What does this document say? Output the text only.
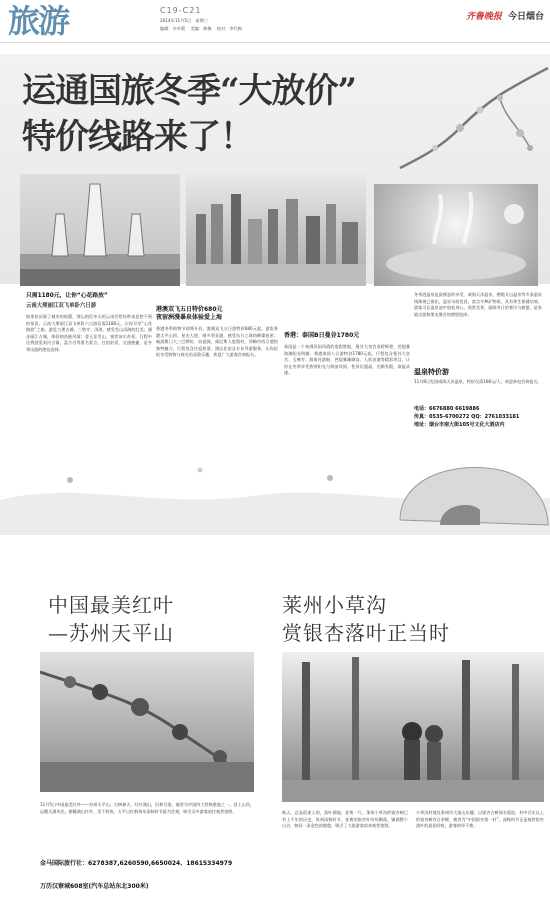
旅游	C19-C21
2014年11月5日 星期三
编辑：许卓莉 美编：林梅 校对：李代梅
齐鲁晚报 今日烟台
运通国旅冬季“大放价”
特价线路来了！
只需1180元，让你“心花路放”
云南大理丽江双飞单卧六日游
如果你厌倦了城市的喧嚣，那么相信冬天的云南会给你带来意想不到的惊喜。云南大理丽江双飞单卧六日游仅需1180元，让你尽享“心花路放”之旅。游览大理古城、三塔寺、洱海，感受苍山洱海的壮美；漫步丽江古城，体验纳西族风情；登玉龙雪山，观赏冰川奇景。行程中还将游览束河古镇、蓝月谷等著名景点，住宿舒适，交通便捷，是冬季出游的绝佳选择。
港澳双飞五日特价680元
夜宿洲漫暴泉体验爱上海
香港冬季购物节即将开启，港澳双飞五日游特价680元起。游览香港太平山顶、星光大道、维多利亚港，感受东方之珠的璀璨夜景；畅游澳门大三巴牌坊、妈祖阁、威尼斯人度假村，领略中西合璧的独特魅力。行程包含往返机票、酒店住宿及专业导游服务，让你轻松享受购物与观光的双重乐趣，欢迎广大游客咨询报名。
香港：泰国B日曼谷1780元
泰国是一个充满异国风情的度假胜地，曼谷大皇宫金碧辉煌，芭提雅海滩阳光明媚。香港泰国八日游特价1780元起，行程包含曼谷大皇宫、玉佛寺、湄南河游船、芭提雅珊瑚岛、人妖表演等精彩项目，让你在冬季享受热带阳光与海滨风情，性价比超高，名额有限，欲报从速。
冬季泡温泉是最惬意的享受。威海天沐温泉、栖霞艾山温泉等多条温泉线路现已推出，温泉水质优良，富含多种矿物质，具有养生保健功效。游客可在温泉池中放松身心，欣赏美景，驱除冬日的寒冷与疲惫，是家庭出游和朋友聚会的理想选择。
温泉特价游
11月8日发团威海天沐温泉，特价仅需168元/人，欢迎来电咨询报名。
电话：6676880 6619886
传真：0535-6700272 QQ：2761033181
地址：烟台市南大街105号文化大酒店内
中国最美红叶
—苏州天平山
11月5日中国最美红叶——苏州天平山，古树参天，红叶满山，层林尽染，被誉为中国四大赏枫胜地之一。登上山顶，远眺太湖风光，俯瞰满山红叶，美不胜收。天平山红枫每年深秋时节最为壮观，吸引众多游客前往观赏拍照。
金马国际旅行社：6278387,6260590,6650024、18615334979
万历汉寮城608室(汽车总站东北300米)
莱州小草沟
赏银杏落叶正当时
秋天，总是很迷人的，落叶满地，金黄一片。莱州小草沟的银杏树已有上千年的历史，每到深秋时节，金黄的银杏叶纷纷飘落，铺满整个山谷，如同一条金色的地毯，吸引了大批游客前来观赏拍照。
小草沟村地处莱州市大基山东麓，以银杏古树闻名遐迩，村中百年以上的银杏树有百余棵，被誉为“中国银杏第一村”。深秋时节正是观赏银杏落叶的最佳时机，游客络绎不绝。
